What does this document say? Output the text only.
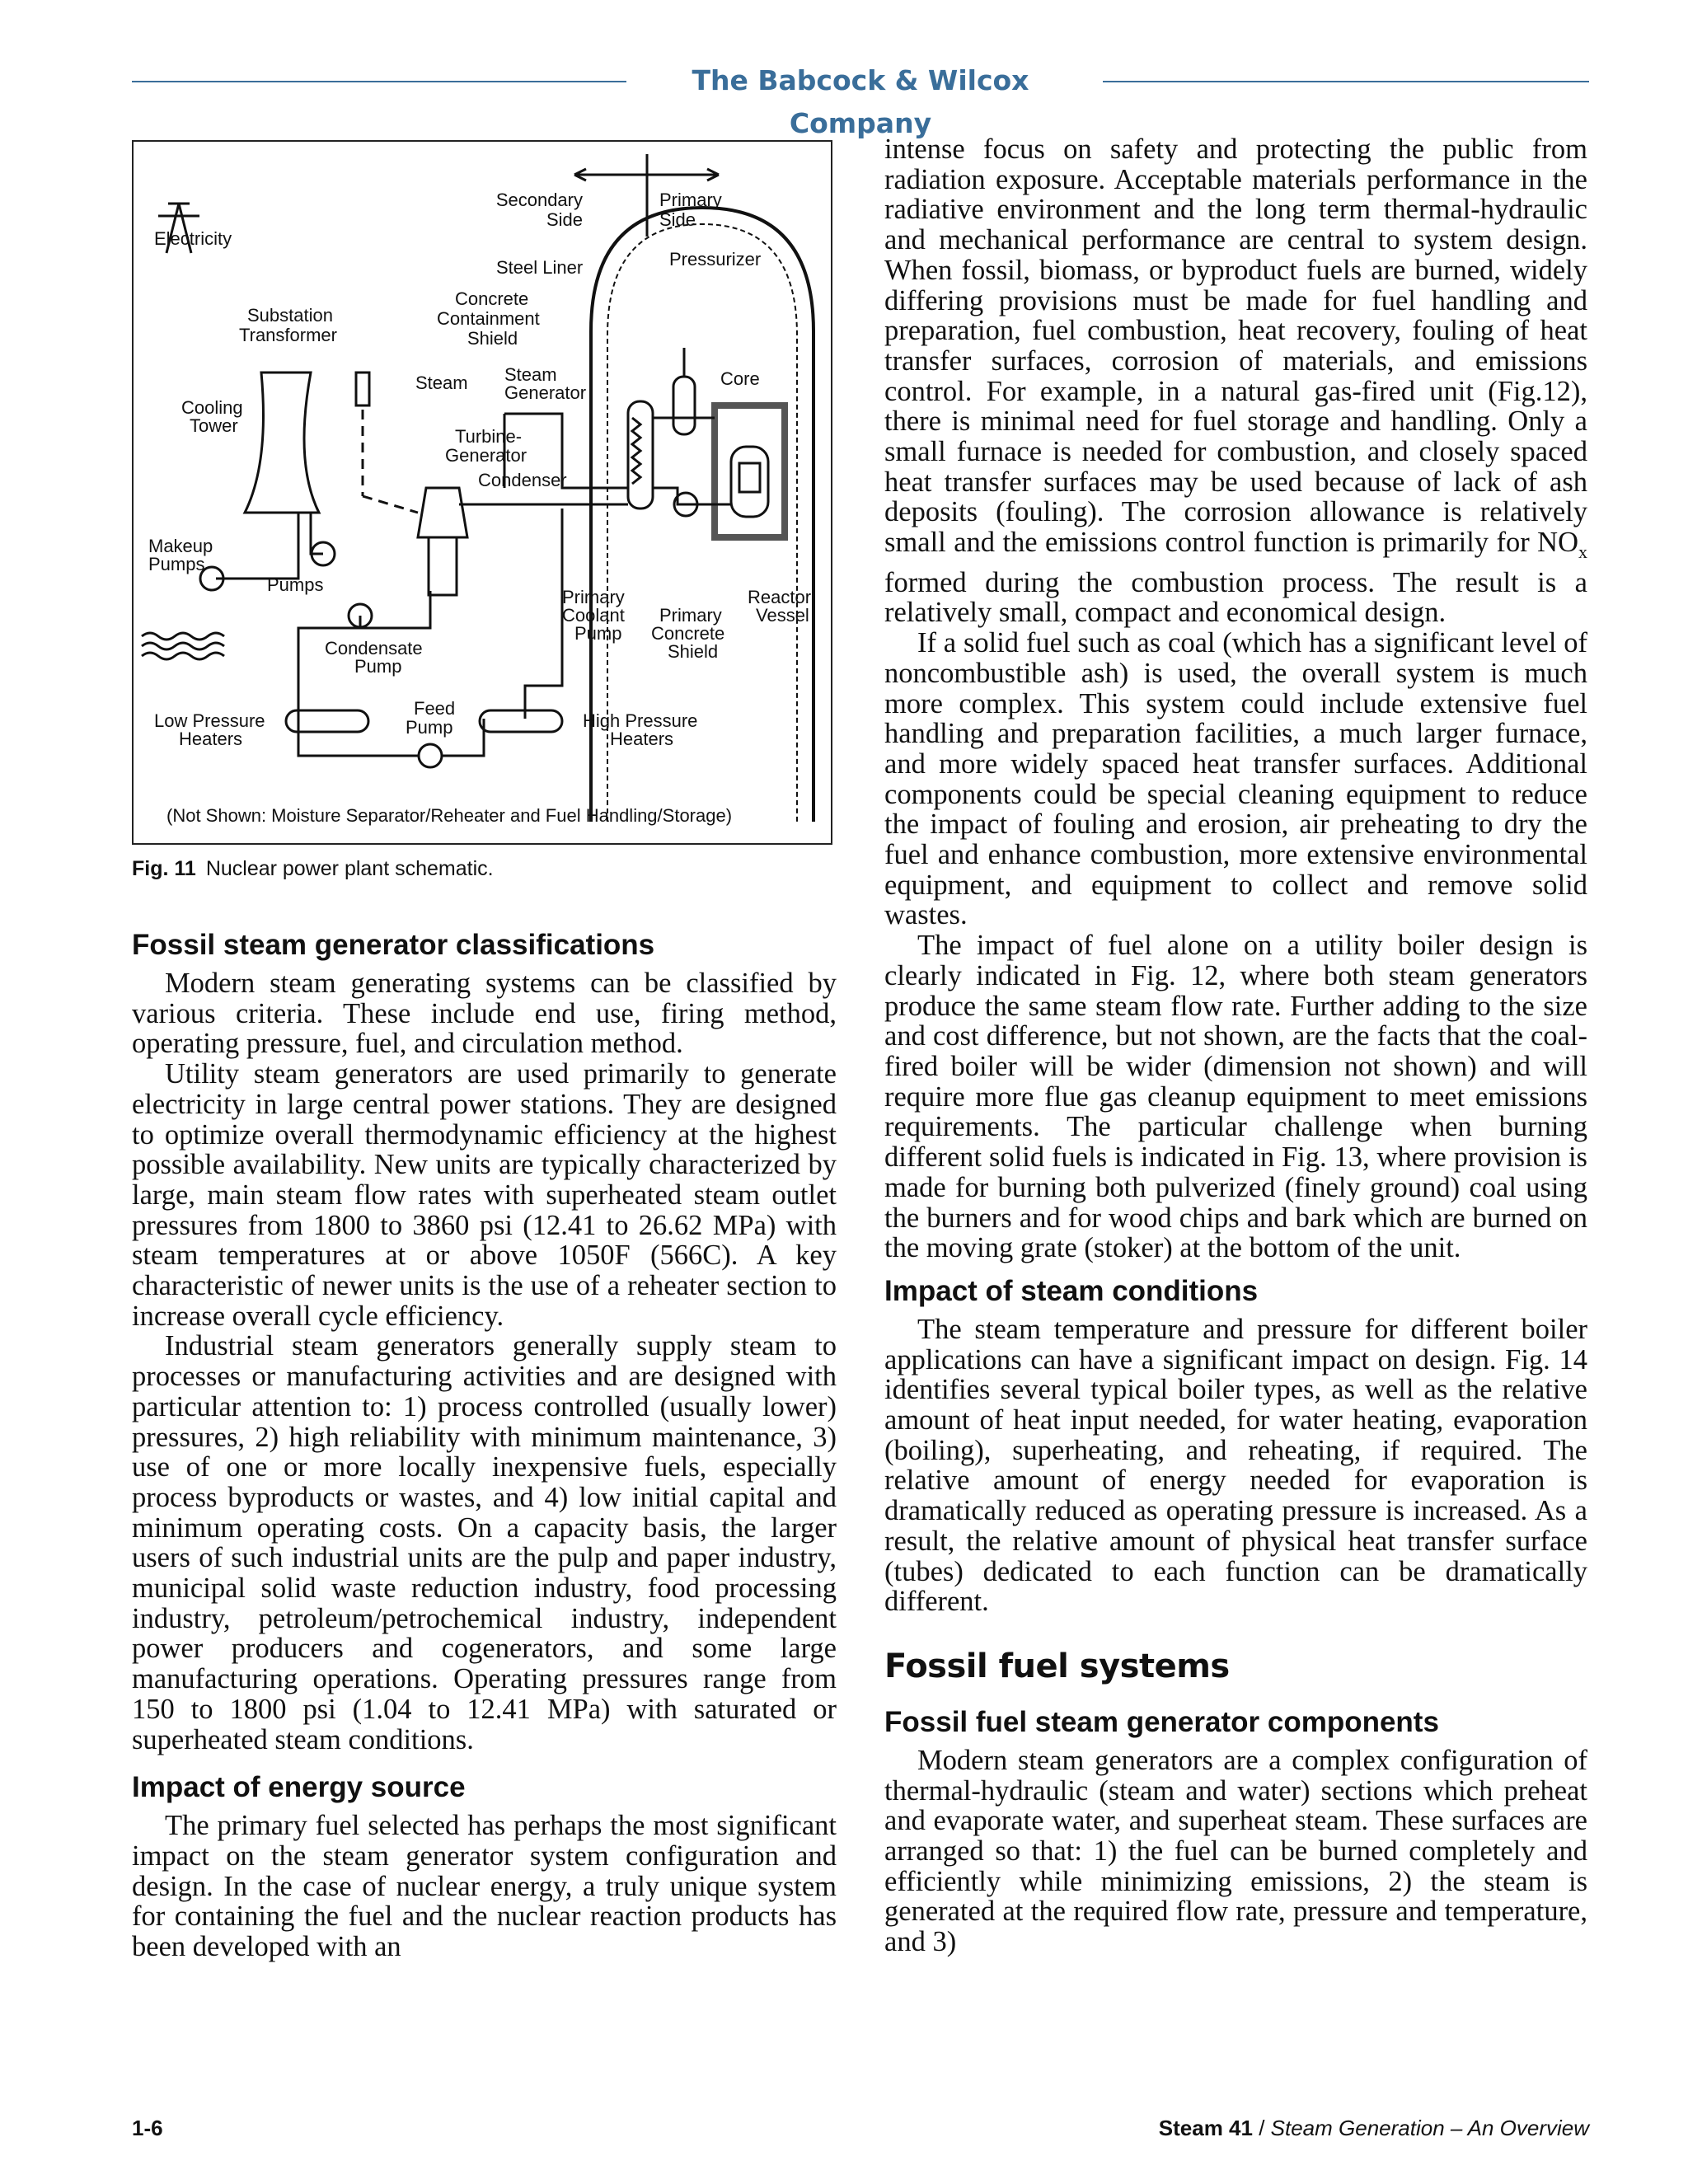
The Babcock & Wilcox Company
Secondary
Side
Primary
Side
Electricity
Steel Liner	Pressurizer
Substation
Transformer
Concrete
Containment
Shield
Steam Steam
Generator
Core
Cooling
Tower
Turbine-
Generator
Condenser
Makeup
Pumps
Pumps
Primary
Coolant
Pump
Primary
Concrete
Shield
Reactor
Vessel
Condensate
Pump
Low Pressure
Heaters
Feed
Pump	High Pressure
Heaters
(Not Shown: Moisture Separator/Reheater and Fuel Handling/Storage)
Fig. 11 Nuclear power plant schematic.
Fossil steam generator classifications

Modern steam generating systems can be classified by various criteria. These include end use, firing method, operating pressure, fuel, and circulation method.

Utility steam generators are used primarily to generate electricity in large central power stations. They are designed to optimize overall thermodynamic efficiency at the highest possible availability. New units are typically characterized by large, main steam flow rates with superheated steam outlet pressures from 1800 to 3860 psi (12.41 to 26.62 MPa) with steam temperatures at or above 1050F (566C). A key characteristic of newer units is the use of a reheater section to increase overall cycle efficiency.

Industrial steam generators generally supply steam to processes or manufacturing activities and are designed with particular attention to: 1) process controlled (usually lower) pressures, 2) high reliability with minimum maintenance, 3) use of one or more locally inexpensive fuels, especially process byproducts or wastes, and 4) low initial capital and minimum operating costs. On a capacity basis, the larger users of such industrial units are the pulp and paper industry, municipal solid waste reduction industry, food processing industry, petroleum/petrochemical industry, independent power producers and cogenerators, and some large manufacturing operations. Operating pressures range from 150 to 1800 psi (1.04 to 12.41 MPa) with saturated or superheated steam conditions.

Impact of energy source

The primary fuel selected has perhaps the most significant impact on the steam generator system configuration and design. In the case of nuclear energy, a truly unique system for containing the fuel and the nuclear reaction products has been developed with an

intense focus on safety and protecting the public from radiation exposure. Acceptable materials performance in the radiative environment and the long term thermal-hydraulic and mechanical performance are central to system design. When fossil, biomass, or byproduct fuels are burned, widely differing provisions must be made for fuel handling and preparation, fuel combustion, heat recovery, fouling of heat transfer surfaces, corrosion of materials, and emissions control. For example, in a natural gas-fired unit (Fig.12), there is minimal need for fuel storage and handling. Only a small furnace is needed for combustion, and closely spaced heat transfer surfaces may be used because of lack of ash deposits (fouling). The corrosion allowance is relatively small and the emissions control function is primarily for $NO_x$ formed during the combustion process. The result is a relatively small, compact and economical design.

If a solid fuel such as coal (which has a significant level of noncombustible ash) is used, the overall system is much more complex. This system could include extensive fuel handling and preparation facilities, a much larger furnace, and more widely spaced heat transfer surfaces. Additional components could be special cleaning equipment to reduce the impact of fouling and erosion, air preheating to dry the fuel and enhance combustion, more extensive environmental equipment, and equipment to collect and remove solid wastes.

The impact of fuel alone on a utility boiler design is clearly indicated in Fig. 12, where both steam generators produce the same steam flow rate. Further adding to the size and cost difference, but not shown, are the facts that the coal-fired boiler will be wider (dimension not shown) and will require more flue gas cleanup equipment to meet emissions requirements. The particular challenge when burning different solid fuels is indicated in Fig. 13, where provision is made for burning both pulverized (finely ground) coal using the burners and for wood chips and bark which are burned on the moving grate (stoker) at the bottom of the unit.

Impact of steam conditions

The steam temperature and pressure for different boiler applications can have a significant impact on design. Fig. 14 identifies several typical boiler types, as well as the relative amount of heat input needed, for water heating, evaporation (boiling), superheating, and reheating, if required. The relative amount of energy needed for evaporation is dramatically reduced as operating pressure is increased. As a result, the relative amount of physical heat transfer surface (tubes) dedicated to each function can be dramatically different.

Fossil fuel systems
Fossil fuel steam generator components

Modern steam generators are a complex configuration of thermal-hydraulic (steam and water) sections which preheat and evaporate water, and superheat steam. These surfaces are arranged so that: 1) the fuel can be burned completely and efficiently while minimizing emissions, 2) the steam is generated at the required flow rate, pressure and temperature, and 3)

1-6	Steam 41 / Steam Generation – An Overview
